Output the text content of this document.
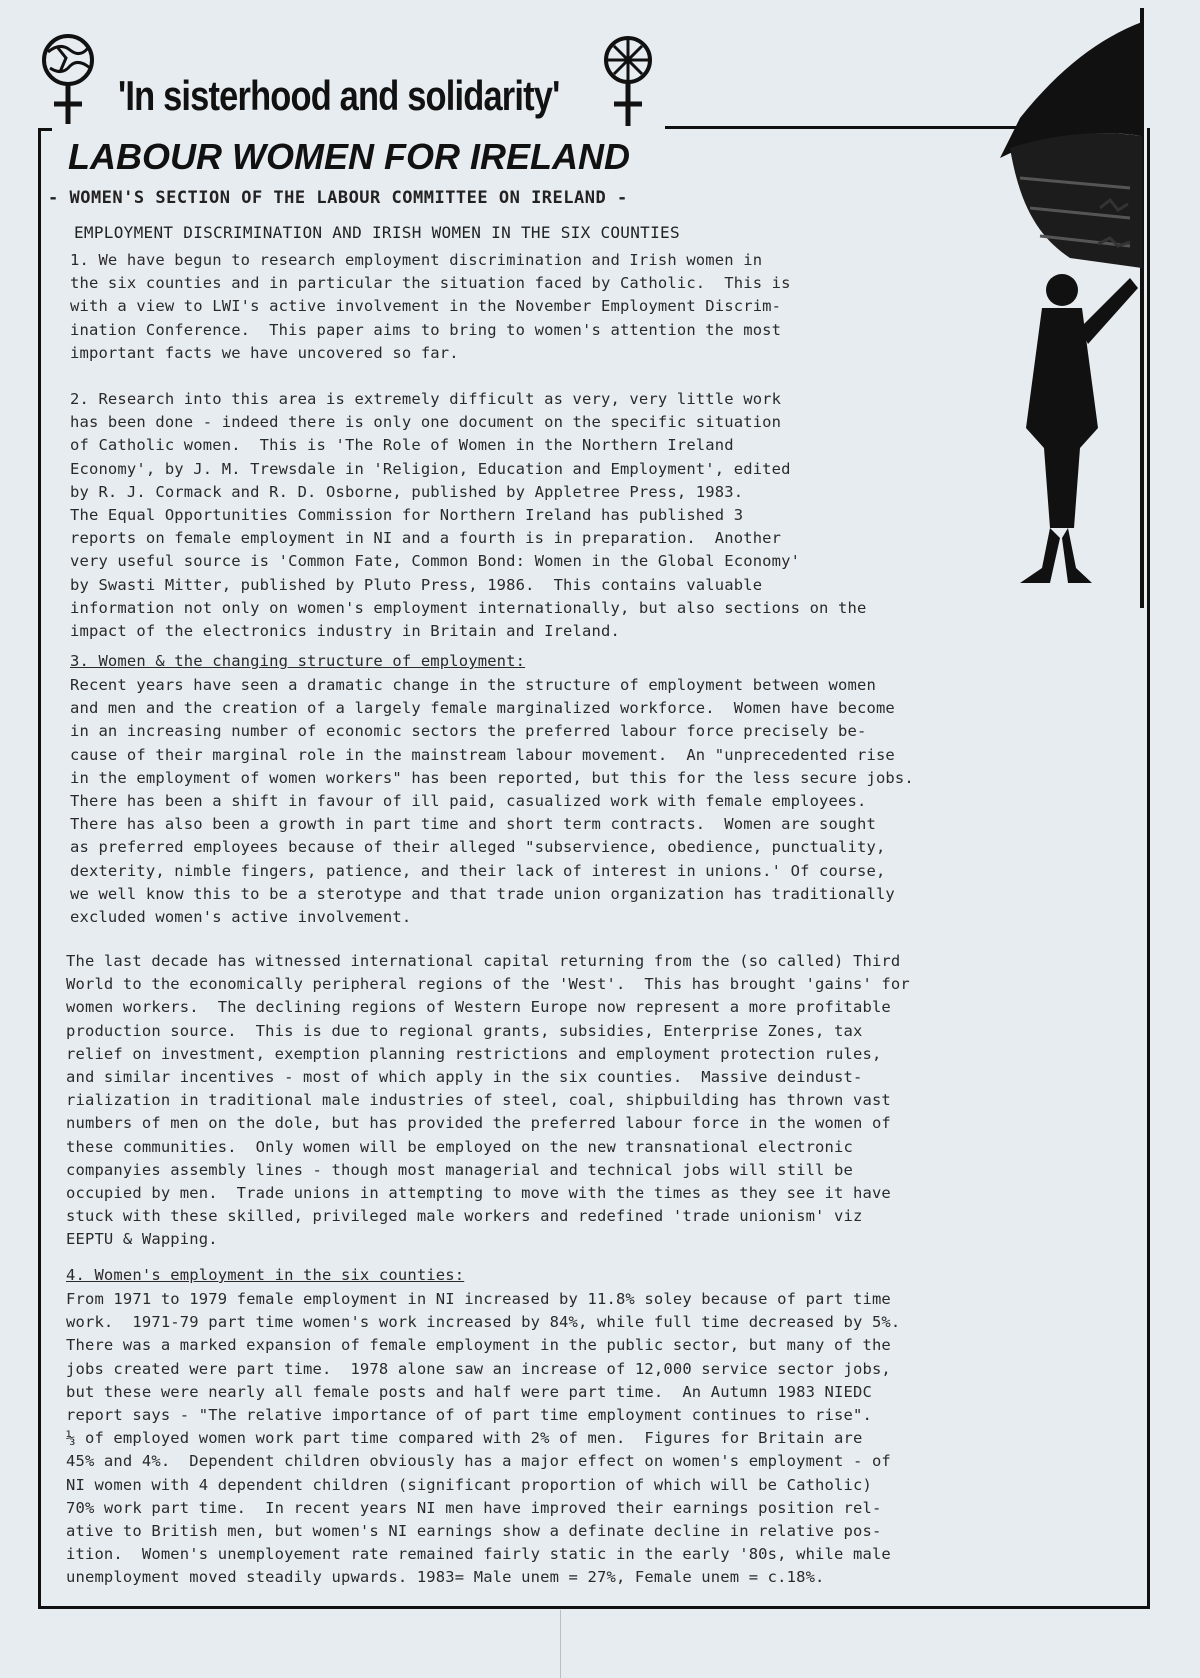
'In sisterhood and solidarity'
LABOUR WOMEN FOR IRELAND
- WOMEN'S SECTION OF THE LABOUR COMMITTEE ON IRELAND -
EMPLOYMENT DISCRIMINATION AND IRISH WOMEN IN THE SIX COUNTIES
1. We have begun to research employment discrimination and Irish women in
the six counties and in particular the situation faced by Catholic.  This is
with a view to LWI's active involvement in the November Employment Discrim-
ination Conference.  This paper aims to bring to women's attention the most
important facts we have uncovered so far.
2. Research into this area is extremely difficult as very, very little work
has been done - indeed there is only one document on the specific situation
of Catholic women.  This is 'The Role of Women in the Northern Ireland
Economy', by J. M. Trewsdale in 'Religion, Education and Employment', edited
by R. J. Cormack and R. D. Osborne, published by Appletree Press, 1983.
The Equal Opportunities Commission for Northern Ireland has published 3
reports on female employment in NI and a fourth is in preparation.  Another
very useful source is 'Common Fate, Common Bond: Women in the Global Economy'
by Swasti Mitter, published by Pluto Press, 1986.  This contains valuable
information not only on women's employment internationally, but also sections on the
impact of the electronics industry in Britain and Ireland.
3. Women & the changing structure of employment:
Recent years have seen a dramatic change in the structure of employment between women
and men and the creation of a largely female marginalized workforce.  Women have become
in an increasing number of economic sectors the preferred labour force precisely be-
cause of their marginal role in the mainstream labour movement.  An "unprecedented rise
in the employment of women workers" has been reported, but this for the less secure jobs.
There has been a shift in favour of ill paid, casualized work with female employees.
There has also been a growth in part time and short term contracts.  Women are sought
as preferred employees because of their alleged "subservience, obedience, punctuality,
dexterity, nimble fingers, patience, and their lack of interest in unions.' Of course,
we well know this to be a sterotype and that trade union organization has traditionally
excluded women's active involvement.
The last decade has witnessed international capital returning from the (so called) Third
World to the economically peripheral regions of the 'West'.  This has brought 'gains' for
women workers.  The declining regions of Western Europe now represent a more profitable
production source.  This is due to regional grants, subsidies, Enterprise Zones, tax
relief on investment, exemption planning restrictions and employment protection rules,
and similar incentives - most of which apply in the six counties.  Massive deindust-
rialization in traditional male industries of steel, coal, shipbuilding has thrown vast
numbers of men on the dole, but has provided the preferred labour force in the women of
these communities.  Only women will be employed on the new transnational electronic
companyies assembly lines - though most managerial and technical jobs will still be
occupied by men.  Trade unions in attempting to move with the times as they see it have
stuck with these skilled, privileged male workers and redefined 'trade unionism' viz
EEPTU & Wapping.
4. Women's employment in the six counties:
From 1971 to 1979 female employment in NI increased by 11.8% soley because of part time
work.  1971-79 part time women's work increased by 84%, while full time decreased by 5%.
There was a marked expansion of female employment in the public sector, but many of the
jobs created were part time.  1978 alone saw an increase of 12,000 service sector jobs,
but these were nearly all female posts and half were part time.  An Autumn 1983 NIEDC
report says - "The relative importance of of part time employment continues to rise".
⅓ of employed women work part time compared with 2% of men.  Figures for Britain are
45% and 4%.  Dependent children obviously has a major effect on women's employment - of
NI women with 4 dependent children (significant proportion of which will be Catholic)
70% work part time.  In recent years NI men have improved their earnings position rel-
ative to British men, but women's NI earnings show a definate decline in relative pos-
ition.  Women's unemployement rate remained fairly static in the early '80s, while male
unemployment moved steadily upwards. 1983= Male unem = 27%, Female unem = c.18%.
